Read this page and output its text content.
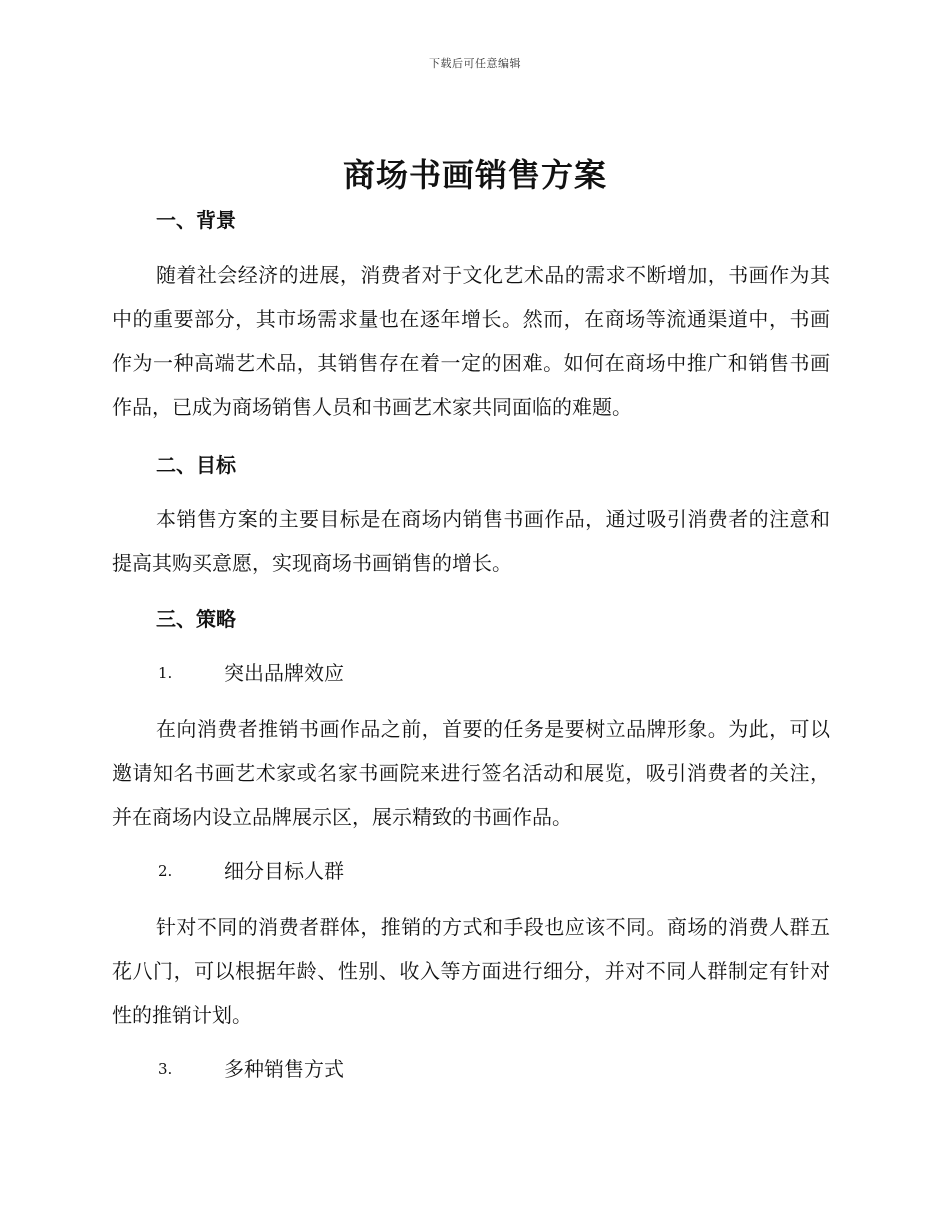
下载后可任意编辑
商场书画销售方案

一、背景

随着社会经济的进展，消费者对于文化艺术品的需求不断增加，书画作为其中的重要部分，其市场需求量也在逐年增长。然而，在商场等流通渠道中，书画作为一种高端艺术品，其销售存在着一定的困难。如何在商场中推广和销售书画作品，已成为商场销售人员和书画艺术家共同面临的难题。

二、目标

本销售方案的主要目标是在商场内销售书画作品，通过吸引消费者的注意和提高其购买意愿，实现商场书画销售的增长。

三、策略

1.	突出品牌效应

在向消费者推销书画作品之前，首要的任务是要树立品牌形象。为此，可以邀请知名书画艺术家或名家书画院来进行签名活动和展览，吸引消费者的关注，并在商场内设立品牌展示区，展示精致的书画作品。

2.	细分目标人群

针对不同的消费者群体，推销的方式和手段也应该不同。商场的消费人群五花八门，可以根据年龄、性别、收入等方面进行细分，并对不同人群制定有针对性的推销计划。

3.	多种销售方式
